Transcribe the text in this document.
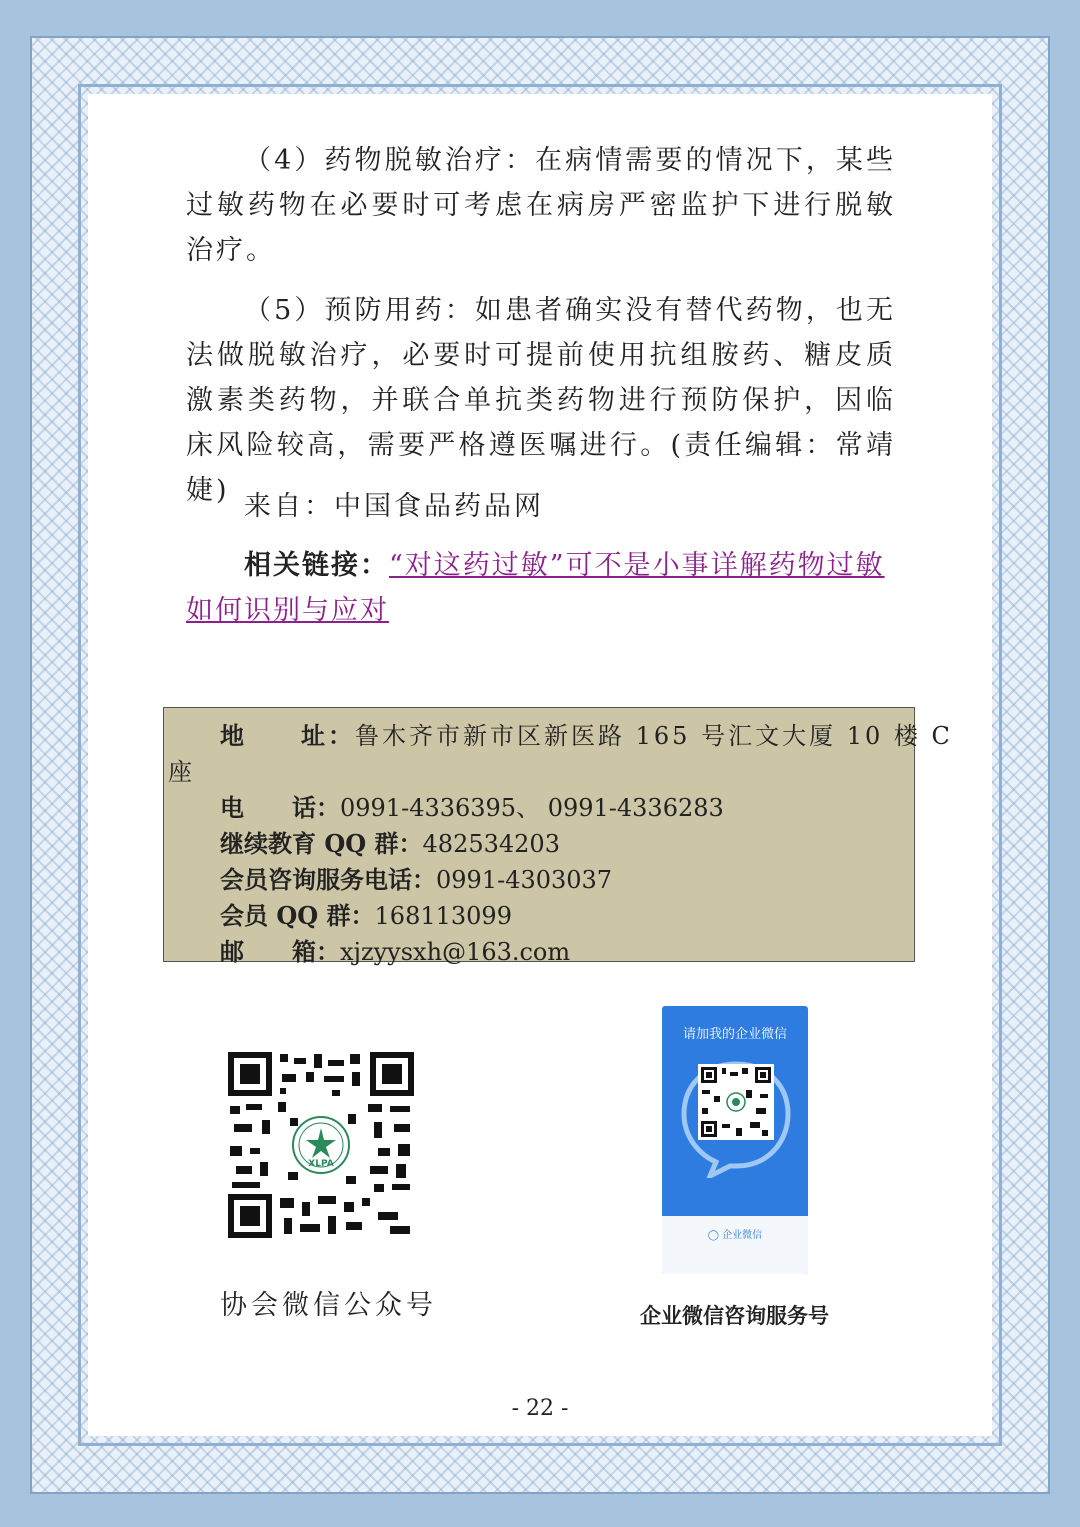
（4）药物脱敏治疗：在病情需要的情况下，某些过敏药物在必要时可考虑在病房严密监护下进行脱敏治疗。

（5）预防用药：如患者确实没有替代药物，也无法做脱敏治疗，必要时可提前使用抗组胺药、糖皮质激素类药物，并联合单抗类药物进行预防保护，因临床风险较高，需要严格遵医嘱进行。(责任编辑：常靖婕)

来自：中国食品药品网
相关链接：“对这药过敏”可不是小事详解药物过敏如何识别与应对
地　　址：鲁木齐市新市区新医路 165 号汇文大厦 10 楼 C
座
电　　话：0991-4336395、 0991-4336283
继续教育 QQ 群：482534203
会员咨询服务电话：0991-4303037
会员 QQ 群：168113099
邮　　箱：xjzyysxh@163.com
XLPA
协会微信公众号
请加我的企业微信
◯ 企业微信
企业微信咨询服务号
- 22 -
